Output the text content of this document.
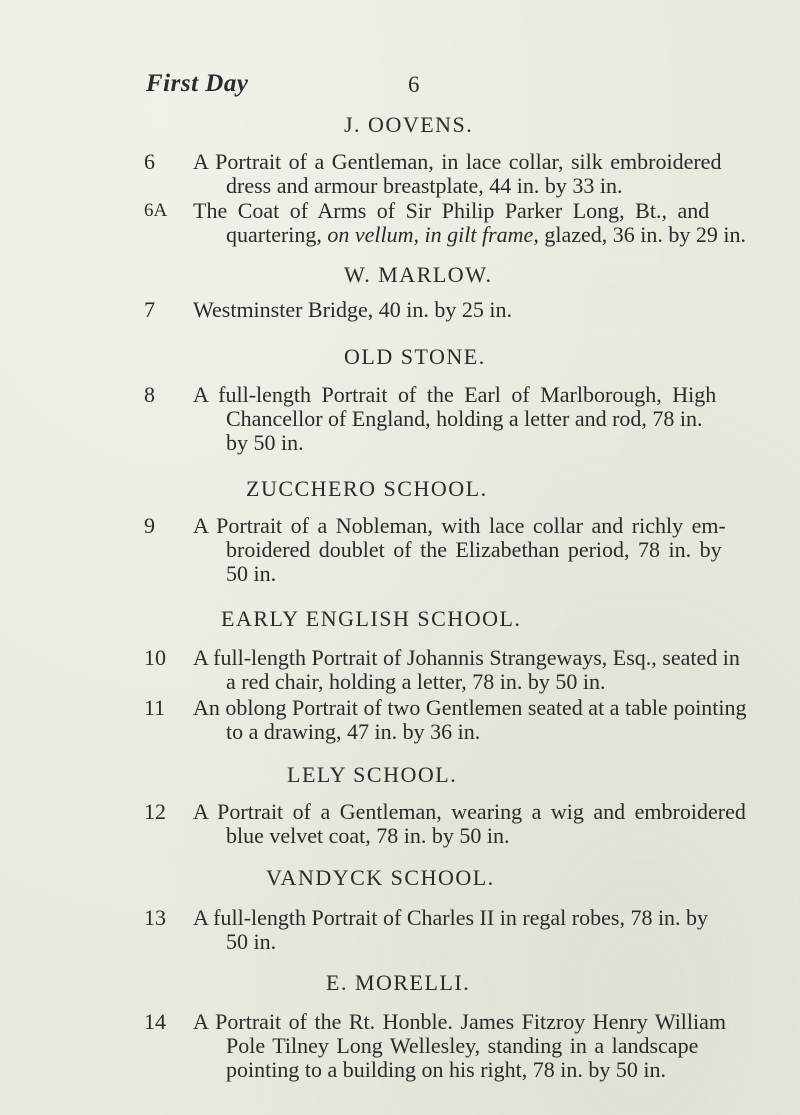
First Day	6
J. OOVENS.
6	A Portrait of a Gentleman, in lace collar, silk embroidered
dress and armour breastplate, 44 in. by 33 in.
6A	The Coat of Arms of Sir Philip Parker Long, Bt., and
quartering, on vellum, in gilt frame, glazed, 36 in. by 29 in.
W. MARLOW.
7	Westminster Bridge, 40 in. by 25 in.
OLD STONE.
8	A full-length Portrait of the Earl of Marlborough, High
Chancellor of England, holding a letter and rod, 78 in.
by 50 in.
ZUCCHERO SCHOOL.
9	A Portrait of a Nobleman, with lace collar and richly em-
broidered doublet of the Elizabethan period, 78 in. by
50 in.
EARLY ENGLISH SCHOOL.
10	A full-length Portrait of Johannis Strangeways, Esq., seated in
a red chair, holding a letter, 78 in. by 50 in.
11	An oblong Portrait of two Gentlemen seated at a table pointing
to a drawing, 47 in. by 36 in.
LELY SCHOOL.
12	A Portrait of a Gentleman, wearing a wig and embroidered
blue velvet coat, 78 in. by 50 in.
VANDYCK SCHOOL.
13	A full-length Portrait of Charles II in regal robes, 78 in. by
50 in.
E. MORELLI.
14	A Portrait of the Rt. Honble. James Fitzroy Henry William
Pole Tilney Long Wellesley, standing in a landscape
pointing to a building on his right, 78 in. by 50 in.
